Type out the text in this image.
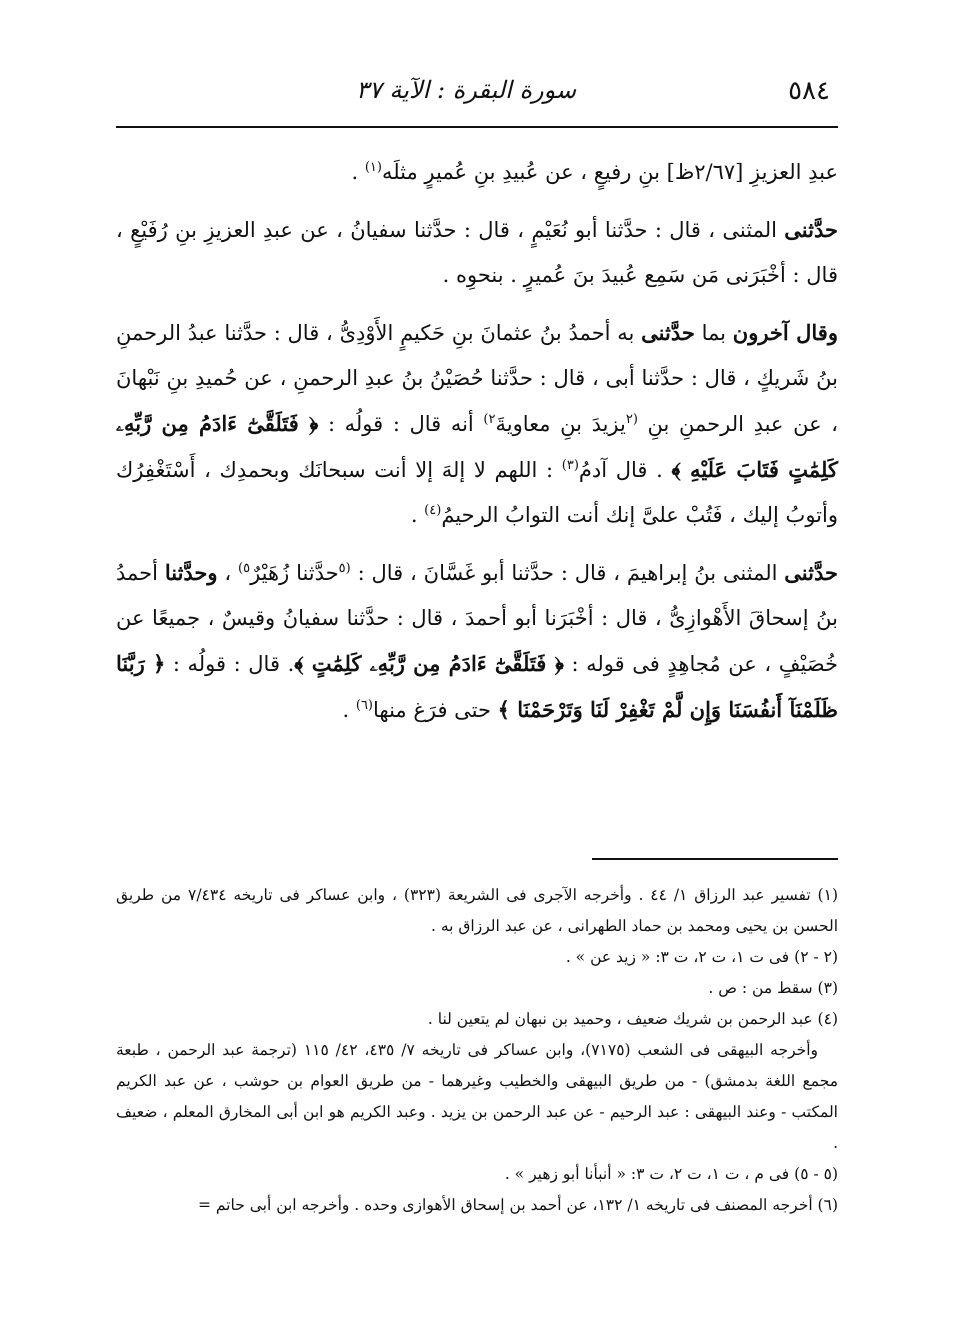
٥٨٤
سورة البقرة : الآية ٣٧

عبدِ العزيزِ [٢/٦٧ظ] بنِ رفيعٍ ، عن عُبيدِ بنِ عُميرٍ مثلَه$^{(١)}$ .

حدَّثنى المثنى ، قال : حدَّثنا أبو نُعَيْمٍ ، قال : حدَّثنا سفيانُ ، عن عبدِ العزيزِ بنِ رُفَيْعٍ ، قال : أخْبَرَنى مَن سَمِع عُبيدَ بنَ عُميرٍ . بنحوِه .

وقال آخرون بما حدَّثنى به أحمدُ بنُ عثمانَ بنِ حَكيمٍ الأَوْدِىُّ ، قال : حدَّثنا عبدُ الرحمنِ بنُ شَريكٍ ، قال : حدَّثنا أبى ، قال : حدَّثنا حُصَيْنُ بنُ عبدِ الرحمنِ ، عن حُميدِ بنِ نَبْهانَ ، عن عبدِ الرحمنِ بنِ $^{(٢}$يزيدَ بنِ معاويةَ$^{٢)}$ أنه قال : قولُه : ﴿ فَتَلَقَّىٰٓ ءَادَمُ مِن رَّبِّهِۦ كَلِمَٰتٍ فَتَابَ عَلَيْهِ ﴾ . قال آدمُ$^{(٣)}$ : اللهم لا إلهَ إلا أنت سبحانَك وبحمدِك ، أَسْتَغْفِرُك وأتوبُ إليك ، فَتُبْ علىَّ إنك أنت التوابُ الرحيمُ$^{(٤)}$ .

حدَّثنى المثنى بنُ إبراهيمَ ، قال : حدَّثنا أبو غَسَّانَ ، قال : $^{(٥}$حدَّثنا زُهَيْرٌ$^{٥)}$ ، وحدَّثنا أحمدُ بنُ إسحاقَ الأَهْوازِىُّ ، قال : أخْبَرَنا أبو أحمدَ ، قال : حدَّثنا سفيانُ وقيسٌ ، جميعًا عن خُصَيْفٍ ، عن مُجاهِدٍ فى قوله : ﴿ فَتَلَقَّىٰٓ ءَادَمُ مِن رَّبِّهِۦ كَلِمَٰتٍ ﴾. قال : قولُه : ﴿ رَبَّنَا ظَلَمْنَآ أَنفُسَنَا وَإِن لَّمْ تَغْفِرْ لَنَا وَتَرْحَمْنَا ﴾ حتى فرَغ منها$^{(٦)}$ .

(١) تفسير عبد الرزاق ١/ ٤٤ . وأخرجه الآجرى فى الشريعة (٣٢٣) ، وابن عساكر فى تاريخه ٧/٤٣٤ من طريق الحسن بن يحيى ومحمد بن حماد الطهرانى ، عن عبد الرزاق به .

(٢ - ٢) فى ت ١، ت ٢، ت ٣: « زيد عن » .

(٣) سقط من : ص .

(٤) عبد الرحمن بن شريك ضعيف ، وحميد بن نبهان لم يتعين لنا .

وأخرجه البيهقى فى الشعب (٧١٧٥)، وابن عساكر فى تاريخه ٧/ ٤٣٥، ٤٢/ ١١٥ (ترجمة عبد الرحمن ، طبعة مجمع اللغة بدمشق) - من طريق البيهقى والخطيب وغيرهما - من طريق العوام بن حوشب ، عن عبد الكريم المكتب - وعند البيهقى : عبد الرحيم - عن عبد الرحمن بن يزيد . وعبد الكريم هو ابن أبى المخارق المعلم ، ضعيف .

(٥ - ٥) فى م ، ت ١، ت ٢، ت ٣: « أنبأنا أبو زهير » .

(٦) أخرجه المصنف فى تاريخه ١/ ١٣٢، عن أحمد بن إسحاق الأهوازى وحده . وأخرجه ابن أبى حاتم =
